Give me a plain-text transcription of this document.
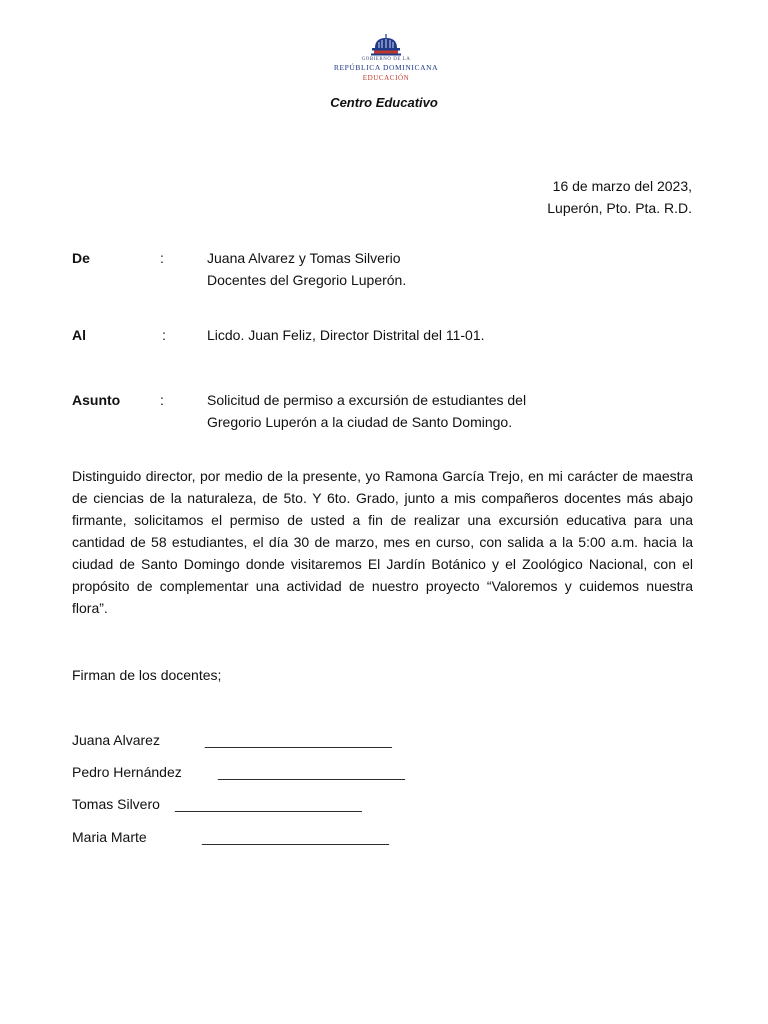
GOBIERNO DE LA
REPÚBLICA DOMINICANA
EDUCACIÓN
Centro Educativo
16 de marzo del 2023,
Luperón, Pto. Pta. R.D.
De	:	Juana Alvarez y Tomas Silverio
Docentes del Gregorio Luperón.
Al	:	Licdo. Juan Feliz, Director Distrital del 11-01.
Asunto	:	Solicitud de permiso a excursión de estudiantes del
Gregorio Luperón a la ciudad de Santo Domingo.
Distinguido director, por medio de la presente, yo Ramona García Trejo, en mi carácter de maestra de ciencias de la naturaleza, de 5to. Y 6to. Grado, junto a mis compañeros docentes más abajo firmante, solicitamos el permiso de usted a fin de realizar una excursión educativa para una cantidad de 58 estudiantes, el día 30 de marzo, mes en curso, con salida a la 5:00 a.m. hacia la ciudad de Santo Domingo donde visitaremos El Jardín Botánico y el Zoológico Nacional, con el propósito de complementar una actividad de nuestro proyecto “Valoremos y cuidemos nuestra flora”.
Firman de los docentes;
Juana Alvarez	________________________
Pedro Hernández	________________________
Tomas Silvero ________________________
Maria Marte	________________________
